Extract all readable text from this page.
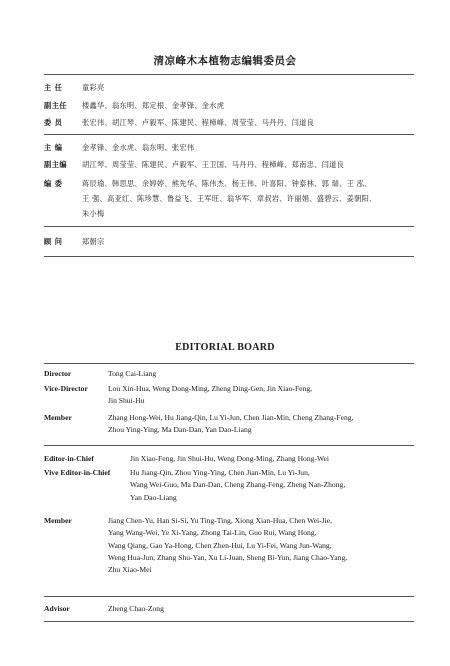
清凉峰木本植物志编辑委员会
主 任	童彩亮
副主任	楼鑫华、翁东明、郑定根、金孝锋、金水虎
委 员	张宏伟、胡江琴、卢毅军、陈建民、程樟峰、周莹莹、马丹丹、闫道良
主 编	金孝锋、金水虎、翁东明、张宏伟
副主编	胡江琴、周莹莹、陈建民、卢毅军、王卫国、马丹丹、程樟峰、郑南忠、闫道良
编 委	蒋辰瑜、韩思思、余婷婷、熊先华、陈伟杰、杨王伟、叶喜阳、钟泰林、郭 瑞、王 泓、
王 强、高亚红、陈珍慧、鲁益飞、王军旺、翁华军、章叔岩、许丽娟、盛碧云、姜朝阳、
朱小梅
顾 问	郑朝宗
EDITORIAL BOARD
Director	Tong Cai-Liang
Vice-Director	Lou Xin-Hua, Weng Dong-Ming, Zheng Ding-Gen, Jin Xiao-Feng,
Jin Shui-Hu
Member	Zhang Hong-Wei, Hu Jiang-Qin, Lu Yi-Jun, Chen Jian-Min, Cheng Zhang-Feng,
Zhou Ying-Ying, Ma Dan-Dan, Yan Dao-Liang
Editor-in-Chief	Jin Xiao-Feng, Jin Shui-Hu, Weng Dong-Ming, Zhang Hong-Wei
Vive Editor-in-Chief	Hu Jiang-Qin, Zhou Ying-Ying, Chen Jian-Min, Lu Yi-Jun,
Wang Wei-Guo, Ma Dan-Dan, Cheng Zhang-Feng, Zheng Nan-Zhong,
Yan Dao-Liang
Member	Jiang Chen-Yu, Han Si-Si, Yu Ting-Ting, Xiong Xian-Hua, Chen Wei-Jie,
Yang Wang-Wei, Ye Xi-Yang, Zhong Tai-Lin, Guo Rui, Wang Hong,
Wang Qiang, Gao Ya-Hong, Chen Zhen-Hui, Lu Yi-Fei, Wang Jun-Wang,
Weng Hua-Jun, Zhang Shu-Yan, Xu Li-Juan, Sheng Bi-Yun, Jiang Chao-Yang,
Zhu Xiao-Mei
Advisor	Zheng Chao-Zong
